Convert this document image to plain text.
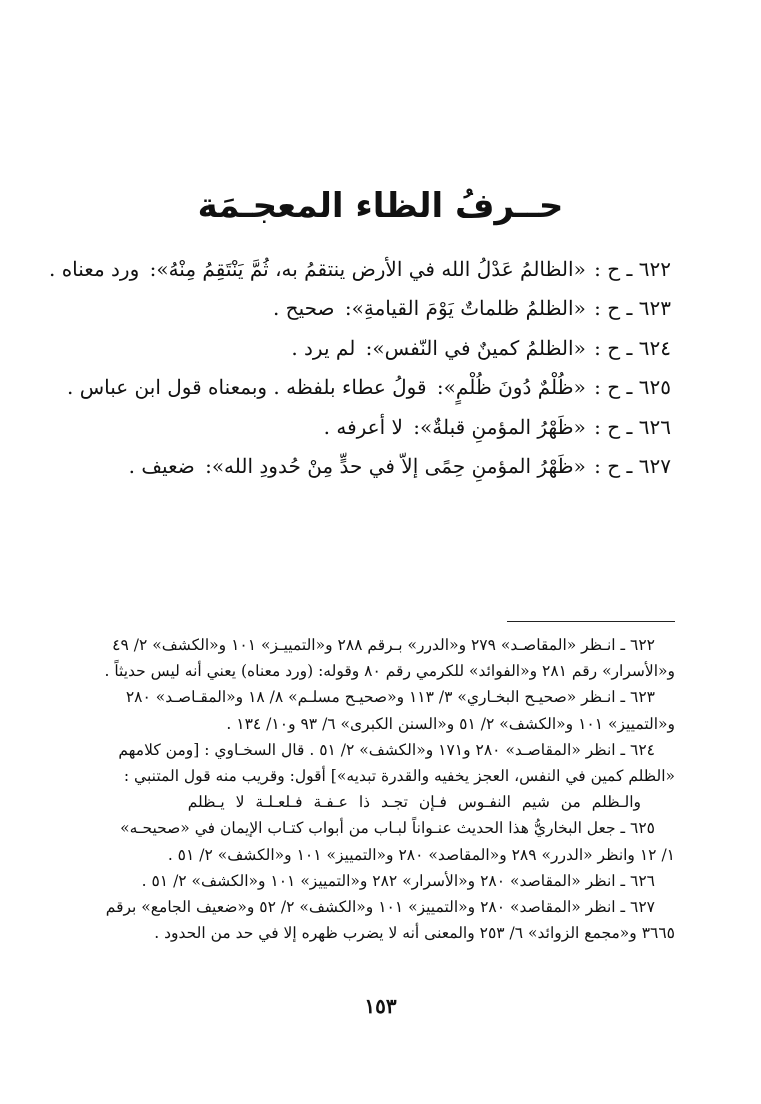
حــرفُ الظاء المعجـمَة
٦٢٢ ـ ح : «الظالمُ عَدْلُ الله في الأرض ينتقمُ به، ثُمَّ يَنْتَقِمُ مِنْهُ»: ورد معناه .
٦٢٣ ـ ح : «الظلمُ ظلماتٌ يَوْمَ القيامةِ»: صحيح .
٦٢٤ ـ ح : «الظلمُ كمينٌ في النّفس»: لم يرد .
٦٢٥ ـ ح : «ظُلْمٌ دُونَ ظُلْمٍ»: قولُ عطاء بلفظه . وبمعناه قول ابن عباس .
٦٢٦ ـ ح : «ظَهْرُ المؤمنِ قبلةٌ»: لا أعرفه .
٦٢٧ ـ ح : «ظَهْرُ المؤمنِ حِمًى إلاّ في حدٍّ مِنْ حُدودِ الله»: ضعيف .
٦٢٢ ـ انـظر «المقاصـد» ٢٧٩ و«الدرر» بـرقم ٢٨٨ و«التمييـز» ١٠١ و«الكشف» ٢/ ٤٩
و«الأسرار» رقم ٢٨١ و«الفوائد» للكرمي رقم ٨٠ وقوله: (ورد معناه) يعني أنه ليس حديثاً .
٦٢٣ ـ انـظر «صحيـح البخـاري» ٣/ ١١٣ و«صحيـح مسلـم» ٨/ ١٨ و«المقـاصـد» ٢٨٠
و«التمييز» ١٠١ و«الكشف» ٢/ ٥١ و«السنن الكبرى» ٦/ ٩٣ و١٠/ ١٣٤ .
٦٢٤ ـ انظر «المقاصـد» ٢٨٠ و١٧١ و«الكشف» ٢/ ٥١ . قال السخـاوي : [ومن كلامهم
«الظلم كمين في النفس، العجز يخفيه والقدرة تبديه»] أقول: وقريب منه قول المتنبي :
والـظلم من شيم النفـوس فـإن تجـد ذا عـفـة فـلعـلـة لا يـظلم
٦٢٥ ـ جعل البخاريُّ هذا الحديث عنـواناً لبـاب من أبواب كتـاب الإيمان في «صحيحـه»
١/ ١٢ وانظر «الدرر» ٢٨٩ و«المقاصد» ٢٨٠ و«التمييز» ١٠١ و«الكشف» ٢/ ٥١ .
٦٢٦ ـ انظر «المقاصد» ٢٨٠ و«الأسرار» ٢٨٢ و«التمييز» ١٠١ و«الكشف» ٢/ ٥١ .
٦٢٧ ـ انظر «المقاصد» ٢٨٠ و«التمييز» ١٠١ و«الكشف» ٢/ ٥٢ و«ضعيف الجامع» برقم
٣٦٦٥ و«مجمع الزوائد» ٦/ ٢٥٣ والمعنى أنه لا يضرب ظهره إلا في حد من الحدود .
١٥٣
